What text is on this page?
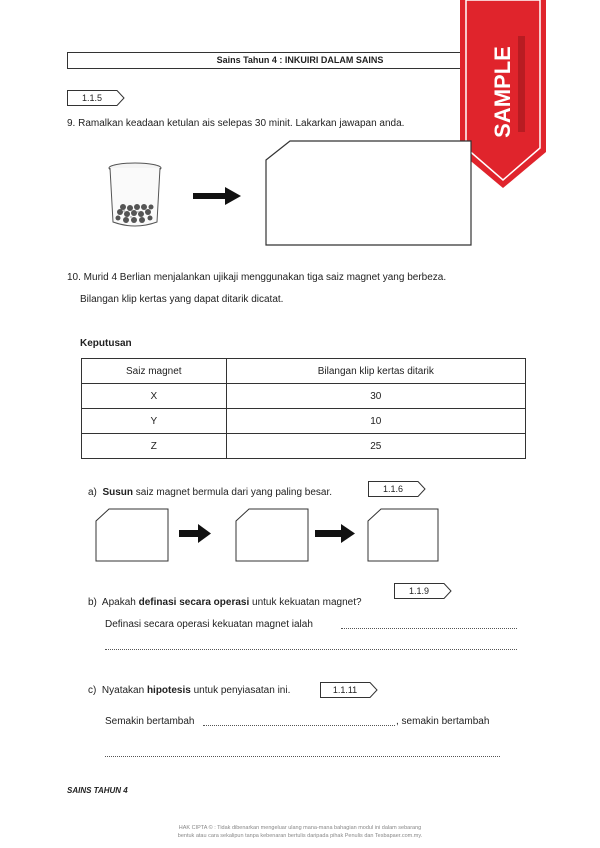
Sains Tahun 4 : INKUIRI DALAM SAINS	SAMPLE
1.1.5
9. Ramalkan keadaan ketulan ais selepas 30 minit. Lakarkan jawapan anda.
10. Murid 4 Berlian menjalankan ujikaji menggunakan tiga saiz magnet yang berbeza.
Bilangan klip kertas yang dapat ditarik dicatat.
Keputusan
Saiz magnet	Bilangan klip kertas ditarik
X	30
Y	10
Z	25
a) Susun saiz magnet bermula dari yang paling besar.	1.1.6
b) Apakah definasi secara operasi untuk kekuatan magnet?
1.1.9
Definasi secara operasi kekuatan magnet ialah
c) Nyatakan hipotesis untuk penyiasatan ini.	1.1.11
Semakin bertambah	, semakin bertambah
SAINS TAHUN 4
HAK CIPTA © : Tidak dibenarkan mengeluar ulang mana-mana bahagian modul ini dalam sebarang
bentuk atau cara sekalipun tanpa kebenaran bertulis daripada pihak Penulis dan Tesbapaer.com.my.
